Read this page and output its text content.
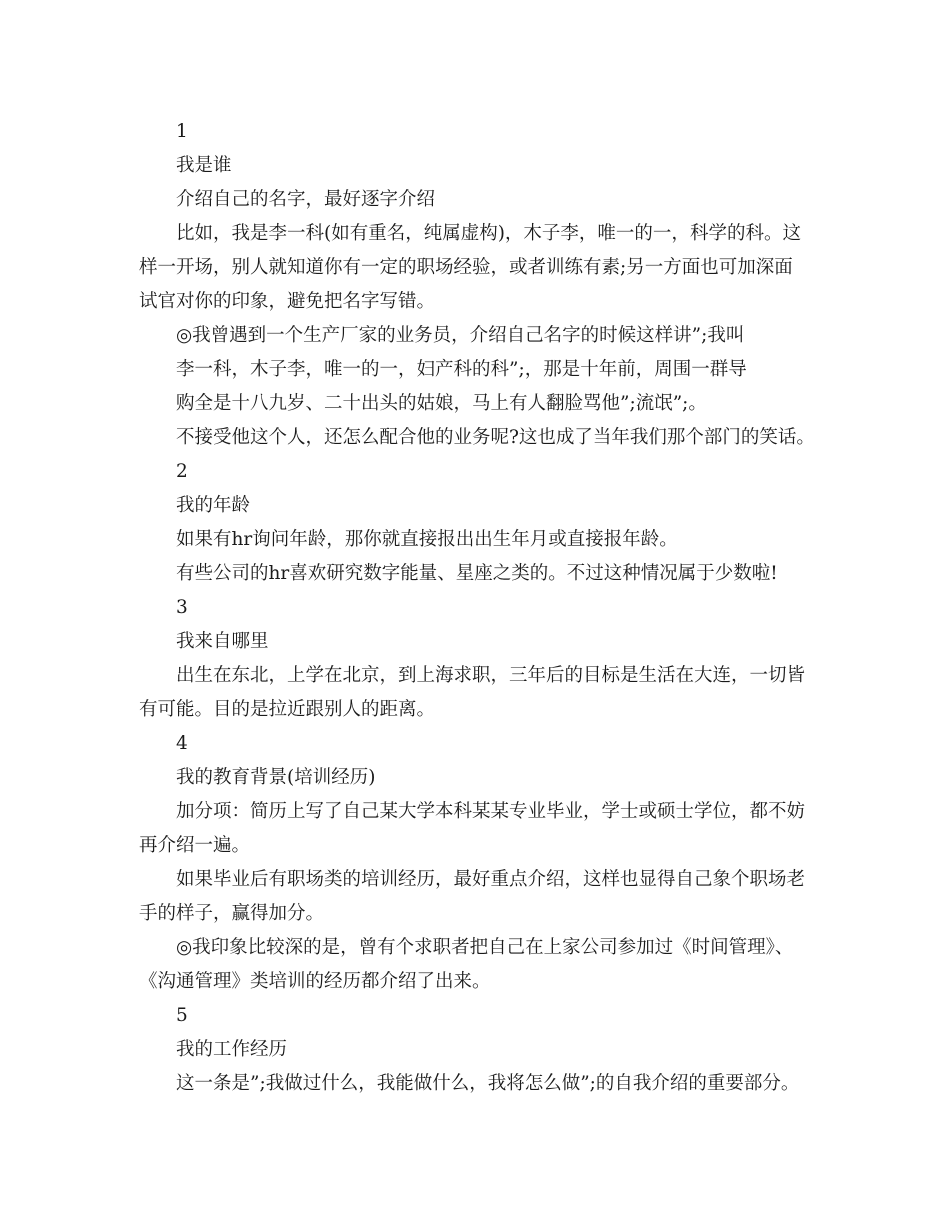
1
我是谁
介绍自己的名字，最好逐字介绍
比如，我是李一科(如有重名，纯属虚构)，木子李，唯一的一，科学的科。这
样一开场，别人就知道你有一定的职场经验，或者训练有素;另一方面也可加深面
试官对你的印象，避免把名字写错。
◎我曾遇到一个生产厂家的业务员，介绍自己名字的时候这样讲”;我叫
李一科，木子李，唯一的一，妇产科的科”;，那是十年前，周围一群导
购全是十八九岁、二十出头的姑娘，马上有人翻脸骂他”;流氓”;。
不接受他这个人，还怎么配合他的业务呢?这也成了当年我们那个部门的笑话。
2
我的年龄
如果有hr询问年龄，那你就直接报出出生年月或直接报年龄。
有些公司的hr喜欢研究数字能量、星座之类的。不过这种情况属于少数啦!
3
我来自哪里
出生在东北，上学在北京，到上海求职，三年后的目标是生活在大连，一切皆
有可能。目的是拉近跟别人的距离。
4
我的教育背景(培训经历)
加分项：简历上写了自己某大学本科某某专业毕业，学士或硕士学位，都不妨
再介绍一遍。
如果毕业后有职场类的培训经历，最好重点介绍，这样也显得自己象个职场老
手的样子，赢得加分。
◎我印象比较深的是，曾有个求职者把自己在上家公司参加过《时间管理》、
《沟通管理》类培训的经历都介绍了出来。
5
我的工作经历
这一条是”;我做过什么，我能做什么，我将怎么做”;的自我介绍的重要部分。
